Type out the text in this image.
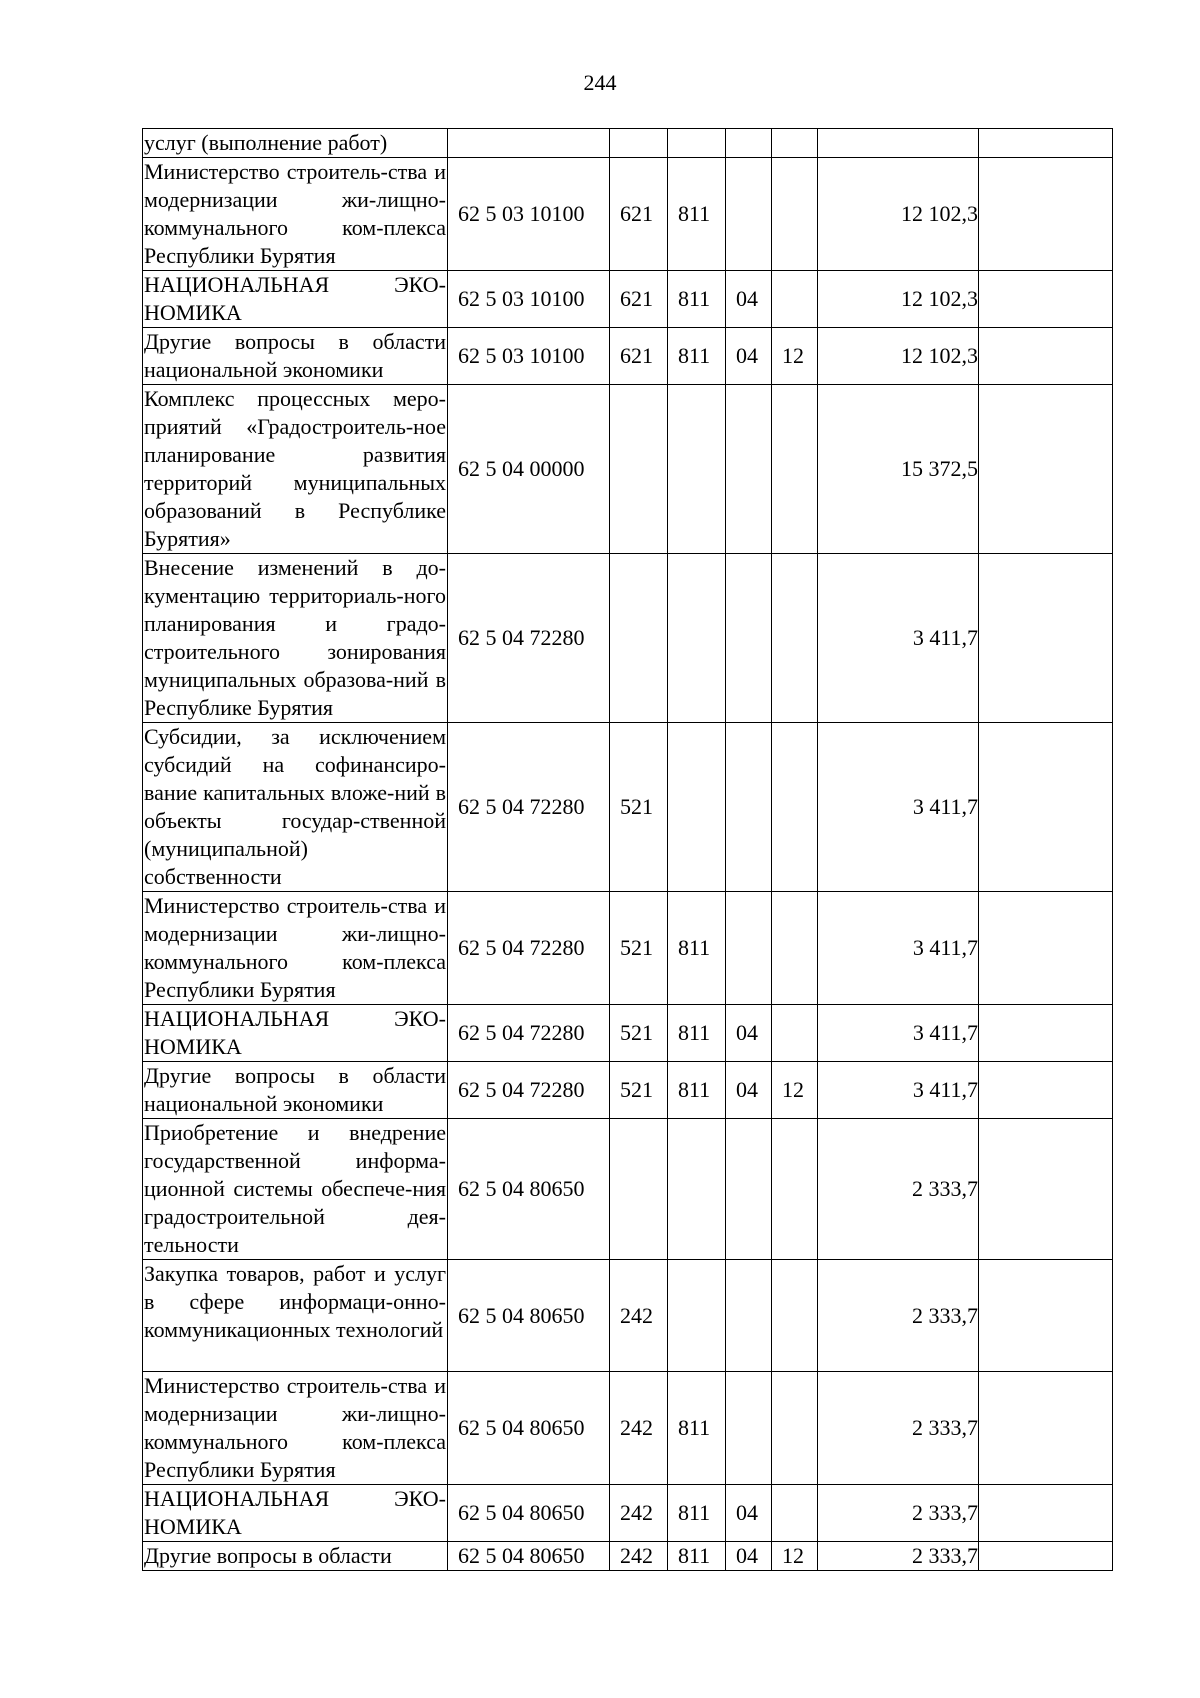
244
услуг (выполнение работ)							
Министерство строитель-ства и модернизации жи-лищно-коммунального ком-плекса Республики Бурятия	62 5 03 10100	621	811			12 102,3	
НАЦИОНАЛЬНАЯ ЭКО-НОМИКА	62 5 03 10100	621	811	04		12 102,3	
Другие вопросы в области национальной экономики	62 5 03 10100	621	811	04	12	12 102,3	
Комплекс процессных меро-приятий «Градостроитель-ное планирование развития территорий муниципальных образований в Республике Бурятия»	62 5 04 00000					15 372,5	
Внесение изменений в до-кументацию территориаль-ного планирования и градо-строительного зонирования муниципальных образова-ний в Республике Бурятия	62 5 04 72280					3 411,7	
Субсидии, за исключением субсидий на софинансиро-вание капитальных вложе-ний в объекты государ-ственной (муниципальной) собственности	62 5 04 72280	521				3 411,7	
Министерство строитель-ства и модернизации жи-лищно-коммунального ком-плекса Республики Бурятия	62 5 04 72280	521	811			3 411,7	
НАЦИОНАЛЬНАЯ ЭКО-НОМИКА	62 5 04 72280	521	811	04		3 411,7	
Другие вопросы в области национальной экономики	62 5 04 72280	521	811	04	12	3 411,7	
Приобретение и внедрение государственной информа-ционной системы обеспече-ния градостроительной дея-тельности	62 5 04 80650					2 333,7	
Закупка товаров, работ и услуг в сфере информаци-онно-коммуникационных технологий	62 5 04 80650	242				2 333,7	
Министерство строитель-ства и модернизации жи-лищно-коммунального ком-плекса Республики Бурятия	62 5 04 80650	242	811			2 333,7	
НАЦИОНАЛЬНАЯ ЭКО-НОМИКА	62 5 04 80650	242	811	04		2 333,7	
Другие вопросы в области	62 5 04 80650	242	811	04	12	2 333,7	
